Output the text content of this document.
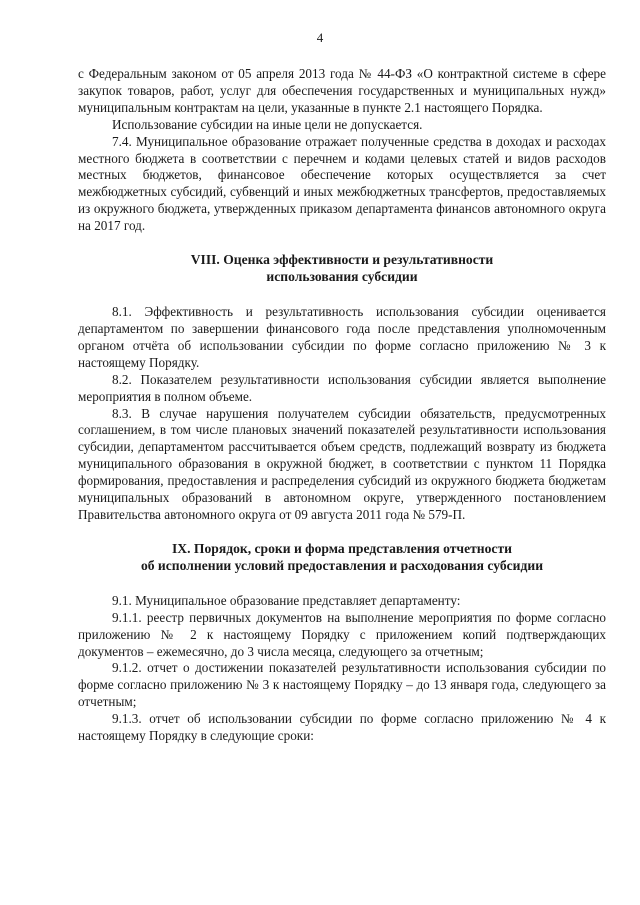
4

с Федеральным законом от 05 апреля 2013 года № 44-ФЗ «О контрактной системе в сфере закупок товаров, работ, услуг для обеспечения государственных и муниципальных нужд» муниципальным контрактам на цели, указанные в пункте 2.1 настоящего Порядка.

Использование субсидии на иные цели не допускается.

7.4. Муниципальное образование отражает полученные средства в доходах и расходах местного бюджета в соответствии с перечнем и кодами целевых статей и видов расходов местных бюджетов, финансовое обеспечение которых осуществляется за счет межбюджетных субсидий, субвенций и иных межбюджетных трансфертов, предоставляемых из окружного бюджета, утвержденных приказом департамента финансов автономного округа на 2017 год.

VIII. Оценка эффективности и результативности
использования субсидии

8.1. Эффективность и результативность использования субсидии оценивается департаментом по завершении финансового года после представления уполномоченным органом отчёта об использовании субсидии по форме согласно приложению № 3 к настоящему Порядку.

8.2. Показателем результативности использования субсидии является выполнение мероприятия в полном объеме.

8.3. В случае нарушения получателем субсидии обязательств, предусмотренных соглашением, в том числе плановых значений показателей результативности использования субсидии, департаментом рассчитывается объем средств, подлежащий возврату из бюджета муниципального образования в окружной бюджет, в соответствии с пунктом 11 Порядка формирования, предоставления и распределения субсидий из окружного бюджета бюджетам муниципальных образований в автономном округе, утвержденного постановлением Правительства автономного округа от 09 августа 2011 года № 579-П.

IX. Порядок, сроки и форма представления отчетности
об исполнении условий предоставления и расходования субсидии

9.1. Муниципальное образование представляет департаменту:

9.1.1. реестр первичных документов на выполнение мероприятия по форме согласно приложению № 2 к настоящему Порядку с приложением копий подтверждающих документов – ежемесячно, до 3 числа месяца, следующего за отчетным;

9.1.2. отчет о достижении показателей результативности использования субсидии по форме согласно приложению № 3 к настоящему Порядку – до 13 января года, следующего за отчетным;

9.1.3. отчет об использовании субсидии по форме согласно приложению № 4 к настоящему Порядку в следующие сроки:
